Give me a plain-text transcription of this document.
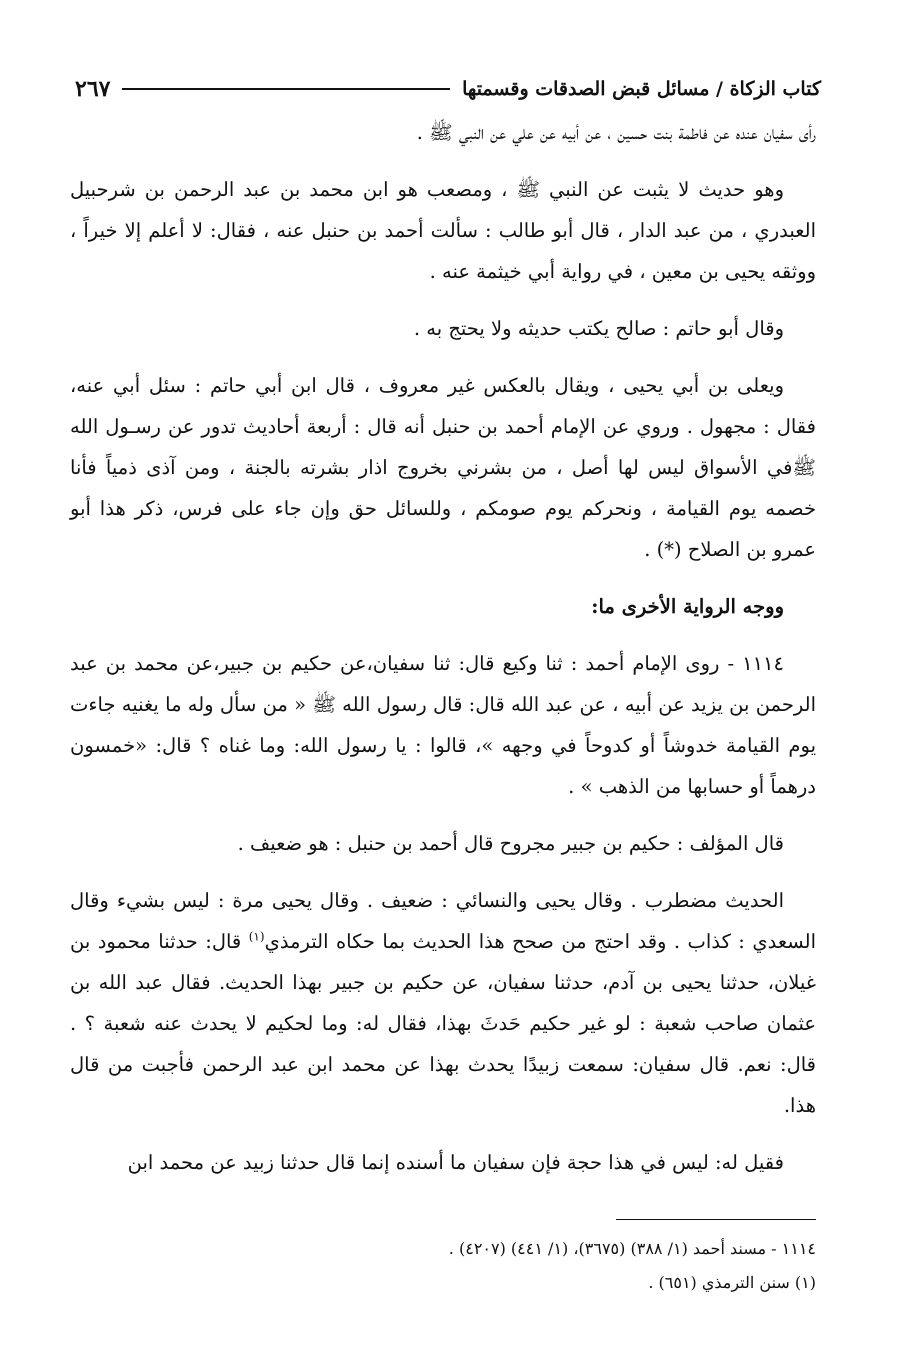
كتاب الزكاة / مسائل قبض الصدقات وقسمتها
٢٦٧

رأى سفيان عنده عن فاطمة بنت حسين ، عن أبيه عن علي عن النبي ﷺ .

وهو حديث لا يثبت عن النبي ﷺ ، ومصعب هو ابن محمد بن عبد الرحمن بن شرحبيل العبدري ، من عبد الدار ، قال أبو طالب : سألت أحمد بن حنبل عنه ، فقال: لا أعلم إلا خيراً ، ووثقه يحيى بن معين ، في رواية أبي خيثمة عنه .

وقال أبو حاتم : صالح يكتب حديثه ولا يحتج به .

ويعلى بن أبي يحيى ، ويقال بالعكس غير معروف ، قال ابن أبي حاتم : سئل أبي عنه، فقال : مجهول . وروي عن الإمام أحمد بن حنبل أنه قال : أربعة أحاديث تدور عن رسـول الله ﷺفي الأسواق ليس لها أصل ، من بشرني بخروج اذار بشرته بالجنة ، ومن آذى ذمياً فأنا خصمه يوم القيامة ، ونحركم يوم صومكم ، وللسائل حق وإن جاء على فرس، ذكر هذا أبو عمرو بن الصلاح (*) .

ووجه الرواية الأخرى ما:

١١١٤ - روى الإمام أحمد : ثنا وكيع قال: ثنا سفيان،عن حكيم بن جبير،عن محمد بن عبد الرحمن بن يزيد عن أبيه ، عن عبد الله قال: قال رسول الله ﷺ « من سأل وله ما يغنيه جاءت يوم القيامة خدوشاً أو كدوحاً في وجهه »، قالوا : يا رسول الله: وما غناه ؟ قال: «خمسون درهماً أو حسابها من الذهب » .

قال المؤلف : حكيم بن جبير مجروح قال أحمد بن حنبل : هو ضعيف .

الحديث مضطرب . وقال يحيى والنسائي : ضعيف . وقال يحيى مرة : ليس بشيء وقال السعدي : كذاب . وقد احتج من صحح هذا الحديث بما حكاه الترمذي$^{(١)}$ قال: حدثنا محمود بن غيلان، حدثنا يحيى بن آدم، حدثنا سفيان، عن حكيم بن جبير بهذا الحديث. فقال عبد الله بن عثمان صاحب شعبة : لو غير حكيم حَدثَ بهذا، فقال له: وما لحكيم لا يحدث عنه شعبة ؟ . قال: نعم. قال سفيان: سمعت زبيدًا يحدث بهذا عن محمد ابن عبد الرحمن فأجبت من قال هذا.

فقيل له: ليس في هذا حجة فإن سفيان ما أسنده إنما قال حدثنا زبيد عن محمد ابن

١١١٤ - مسند أحمد (١/ ٣٨٨) (٣٦٧٥)، (١/ ٤٤١) (٤٢٠٧) .

(١) سنن الترمذي (٦٥١) .
